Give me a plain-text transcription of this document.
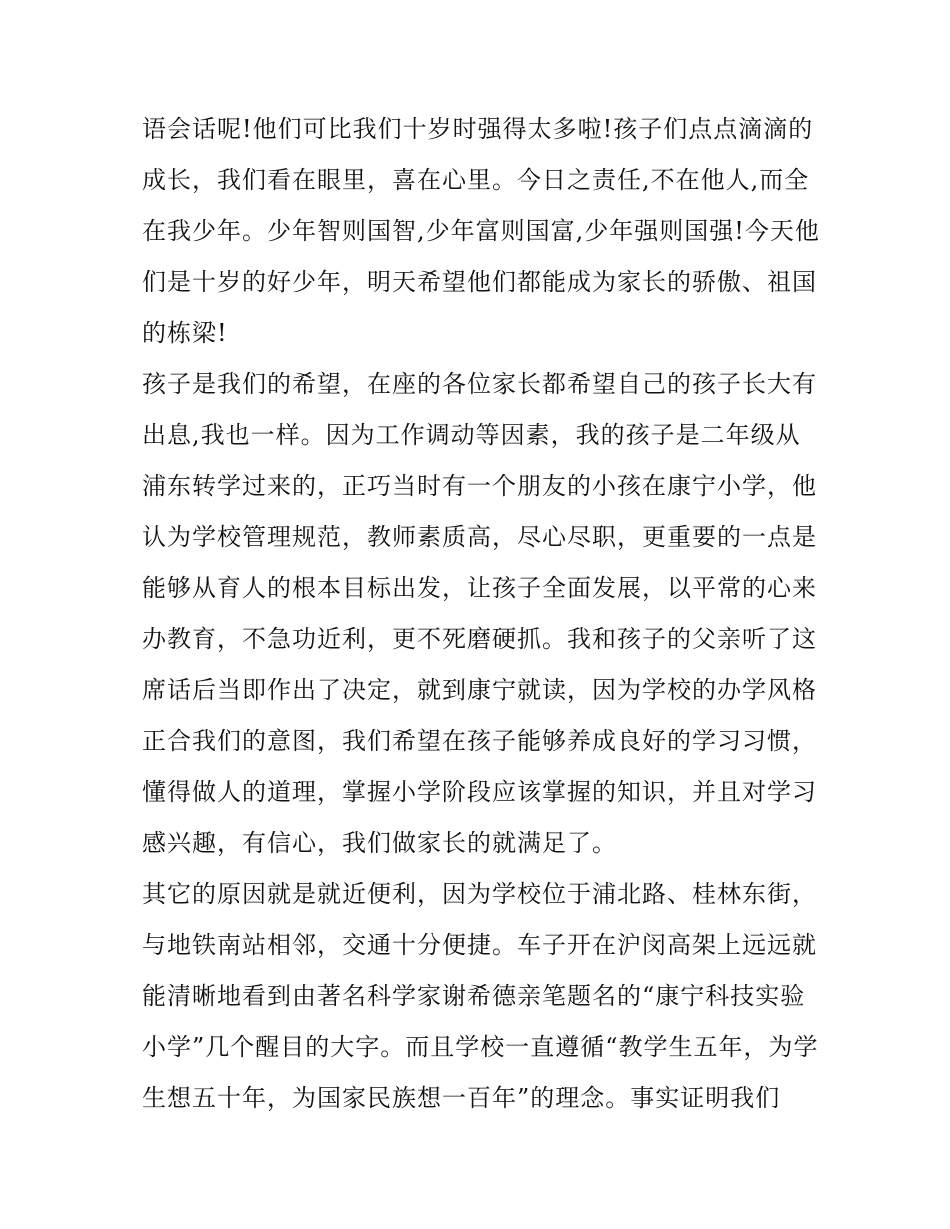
语会话呢!他们可比我们十岁时强得太多啦!孩子们点点滴滴的
成长，我们看在眼里，喜在心里。今日之责任,不在他人,而全
在我少年。少年智则国智,少年富则国富,少年强则国强!今天他
们是十岁的好少年，明天希望他们都能成为家长的骄傲、祖国
的栋梁!
孩子是我们的希望，在座的各位家长都希望自己的孩子长大有
出息,我也一样。因为工作调动等因素，我的孩子是二年级从
浦东转学过来的，正巧当时有一个朋友的小孩在康宁小学，他
认为学校管理规范，教师素质高，尽心尽职，更重要的一点是
能够从育人的根本目标出发，让孩子全面发展，以平常的心来
办教育，不急功近利，更不死磨硬抓。我和孩子的父亲听了这
席话后当即作出了决定，就到康宁就读，因为学校的办学风格
正合我们的意图，我们希望在孩子能够养成良好的学习习惯，
懂得做人的道理，掌握小学阶段应该掌握的知识，并且对学习
感兴趣，有信心，我们做家长的就满足了。
其它的原因就是就近便利，因为学校位于浦北路、桂林东街，
与地铁南站相邻，交通十分便捷。车子开在沪闵高架上远远就
能清晰地看到由著名科学家谢希德亲笔题名的“康宁科技实验
小学”几个醒目的大字。而且学校一直遵循“教学生五年，为学
生想五十年，为国家民族想一百年”的理念。事实证明我们
